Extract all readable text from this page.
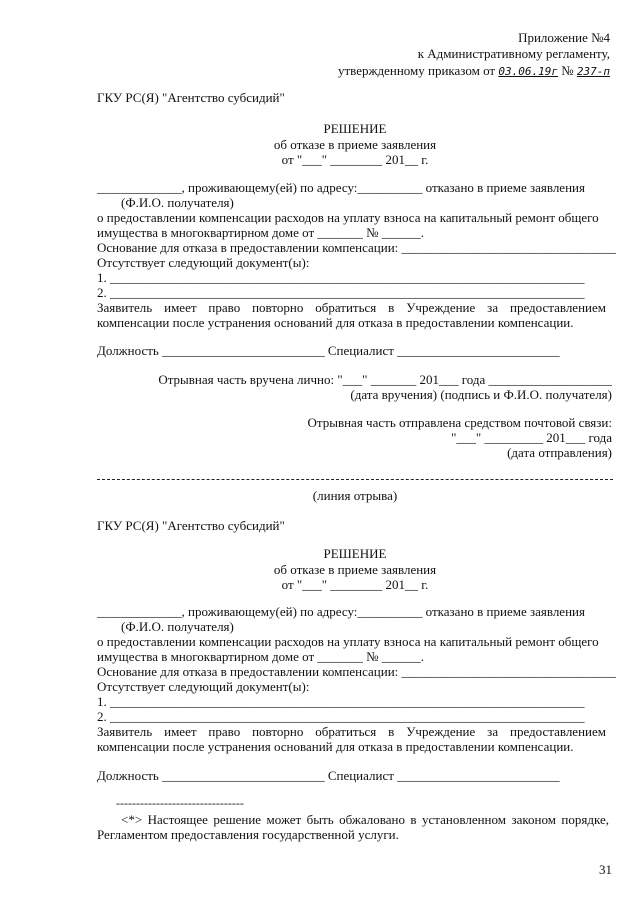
Приложение №4
к Административному регламенту,
утвержденному приказом от 03.06.19г № 237-п
ГКУ РС(Я) "Агентство субсидий"
РЕШЕНИЕ
об отказе в приеме заявления
от "___" ________ 201__ г.
_____________, проживающему(ей) по адресу:__________ отказано в приеме заявления
(Ф.И.О. получателя)
о предоставлении компенсации расходов на уплату взноса на капитальный ремонт общего
имущества в многоквартирном доме от _______ № ______.
Основание для отказа в предоставлении компенсации: _________________________________
Отсутствует следующий документ(ы):
1. _________________________________________________________________________
2. _________________________________________________________________________
Заявитель имеет право повторно обратиться в Учреждение за предоставлением
компенсации после устранения оснований для отказа в предоставлении компенсации.
Должность _________________________ Специалист _________________________
Отрывная часть вручена лично: "___" _______ 201___ года ___________________
(дата вручения) (подпись и Ф.И.О. получателя)
Отрывная часть отправлена средством почтовой связи:
"___" _________ 201___ года
(дата отправления)
(линия отрыва)
ГКУ РС(Я) "Агентство субсидий"
РЕШЕНИЕ
об отказе в приеме заявления
от "___" ________ 201__ г.
_____________, проживающему(ей) по адресу:__________ отказано в приеме заявления
(Ф.И.О. получателя)
о предоставлении компенсации расходов на уплату взноса на капитальный ремонт общего
имущества в многоквартирном доме от _______ № ______.
Основание для отказа в предоставлении компенсации: _________________________________
Отсутствует следующий документ(ы):
1. _________________________________________________________________________
2. _________________________________________________________________________
Заявитель имеет право повторно обратиться в Учреждение за предоставлением
компенсации после устранения оснований для отказа в предоставлении компенсации.
Должность _________________________ Специалист _________________________
--------------------------------
<*> Настоящее решение может быть обжаловано в установленном законом порядке,
Регламентом предоставления государственной услуги.
31
